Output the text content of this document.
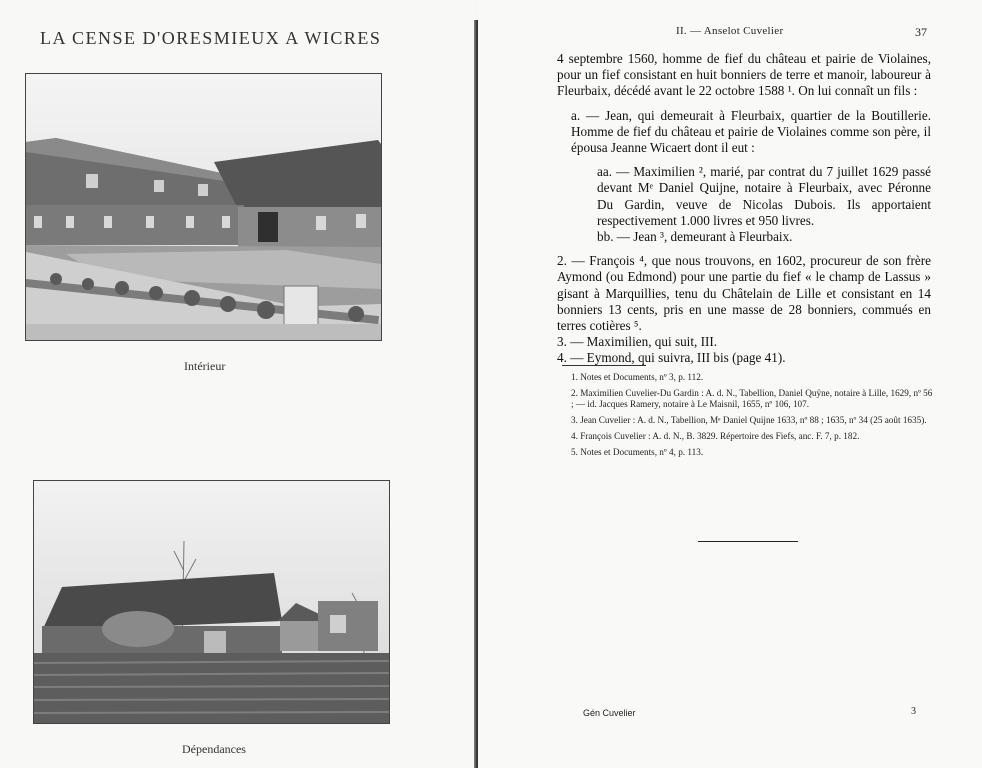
LA CENSE D'ORESMIEUX A WICRES
Intérieur
Dépendances
II. — Anselot Cuvelier	37

4 septembre 1560, homme de fief du château et pairie de Violaines, pour un fief consistant en huit bonniers de terre et manoir, laboureur à Fleurbaix, décédé avant le 22 octobre 1588 ¹. On lui connaît un fils :

a. — Jean, qui demeurait à Fleurbaix, quartier de la Boutillerie. Homme de fief du château et pairie de Violaines comme son père, il épousa Jeanne Wicaert dont il eut :

aa. — Maximilien ², marié, par contrat du 7 juillet 1629 passé devant Mᵉ Daniel Quijne, notaire à Fleurbaix, avec Péronne Du Gardin, veuve de Nicolas Dubois. Ils apportaient respectivement 1.000 livres et 950 livres.

bb. — Jean ³, demeurant à Fleurbaix.

2. — François ⁴, que nous trouvons, en 1602, procureur de son frère Aymond (ou Edmond) pour une partie du fief « le champ de Lassus » gisant à Marquillies, tenu du Châtelain de Lille et consistant en 14 bonniers 13 cents, pris en une masse de 28 bonniers, commués en terres cotières ⁵.

3. — Maximilien, qui suit, III.

4. — Eymond, qui suivra, III bis (page 41).

1. Notes et Documents, nº 3, p. 112.

2. Maximilien Cuvelier-Du Gardin : A. d. N., Tabellion, Daniel Quÿne, notaire à Lille, 1629, nº 56 ; — id. Jacques Ramery, notaire à Le Maisnil, 1655, nº 106, 107.

3. Jean Cuvelier : A. d. N., Tabellion, Mᵉ Daniel Quijne 1633, nº 88 ; 1635, nº 34 (25 août 1635).

4. François Cuvelier : A. d. N., B. 3829. Répertoire des Fiefs, anc. F. 7, p. 182.

5. Notes et Documents, nº 4, p. 113.

Gén Cuvelier	3
